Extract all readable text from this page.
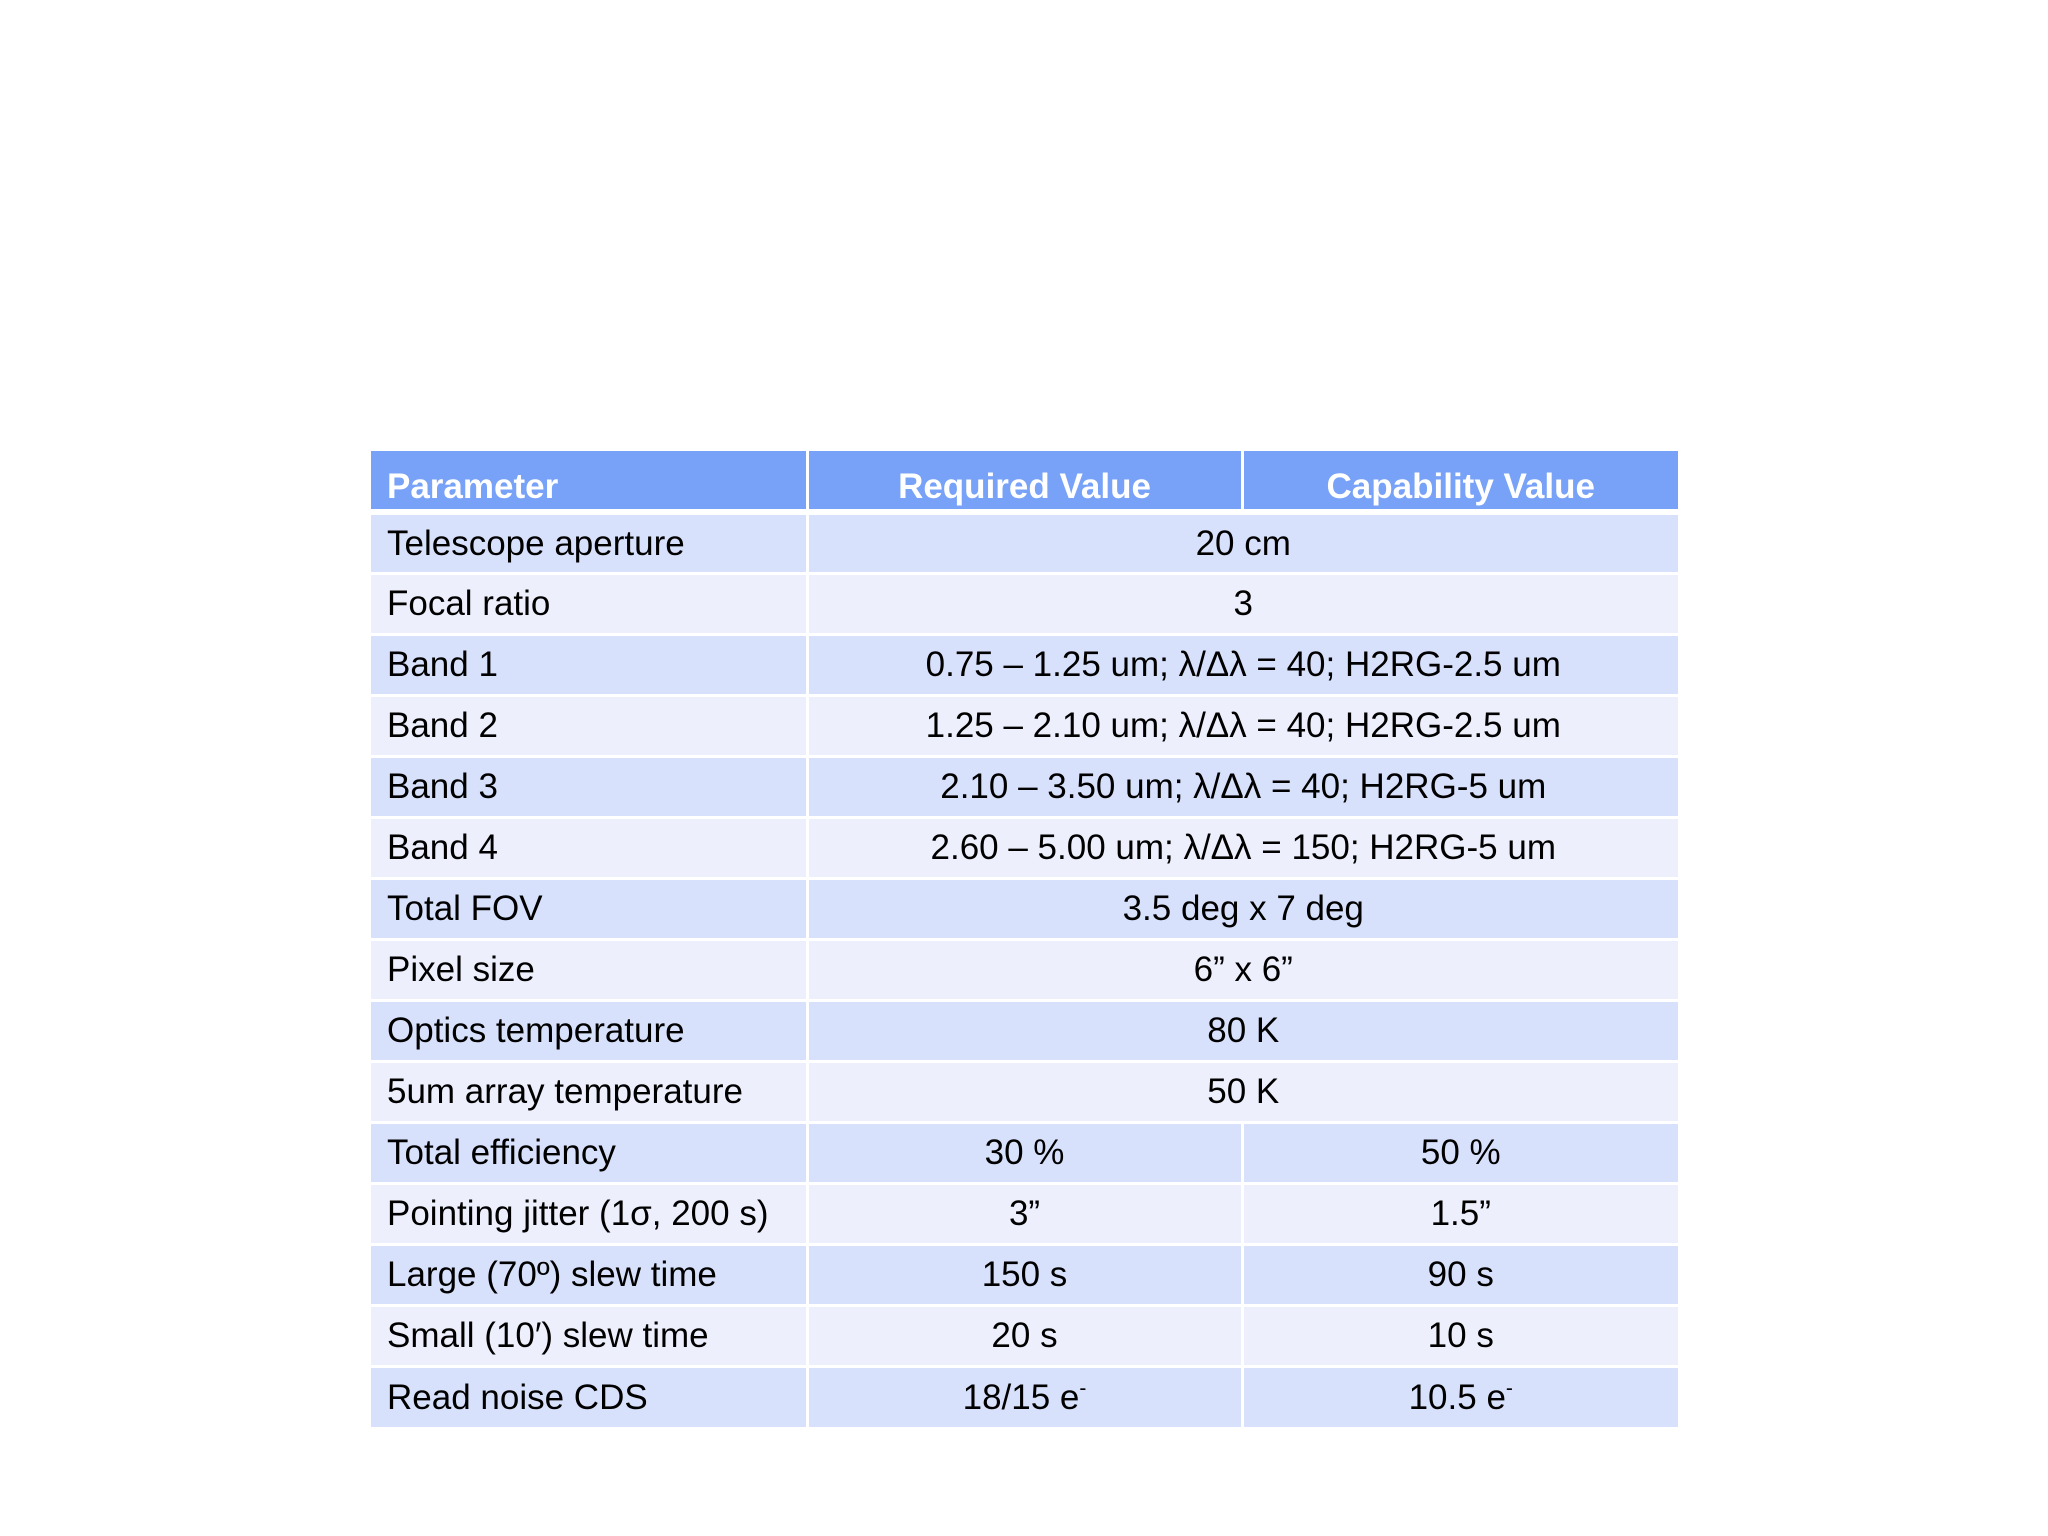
Parameter	Required Value	Capability Value
Telescope aperture	20 cm	
Focal ratio	3	
Band 1	0.75 – 1.25 um; λ/Δλ = 40; H2RG-2.5 um	
Band 2	1.25 – 2.10 um; λ/Δλ = 40; H2RG-2.5 um	
Band 3	2.10 – 3.50 um; λ/Δλ = 40; H2RG-5 um	
Band 4	2.60 – 5.00 um; λ/Δλ = 150; H2RG-5 um	
Total FOV	3.5 deg x 7 deg	
Pixel size	6” x 6”	
Optics temperature	80 K	
5um array temperature	50 K	
Total efficiency	30 %	50 %
Pointing jitter (1σ, 200 s)	3”	1.5”
Large (70º) slew time	150 s	90 s
Small (10′) slew time	20 s	10 s
Read noise CDS	18/15 e-	10.5 e-
